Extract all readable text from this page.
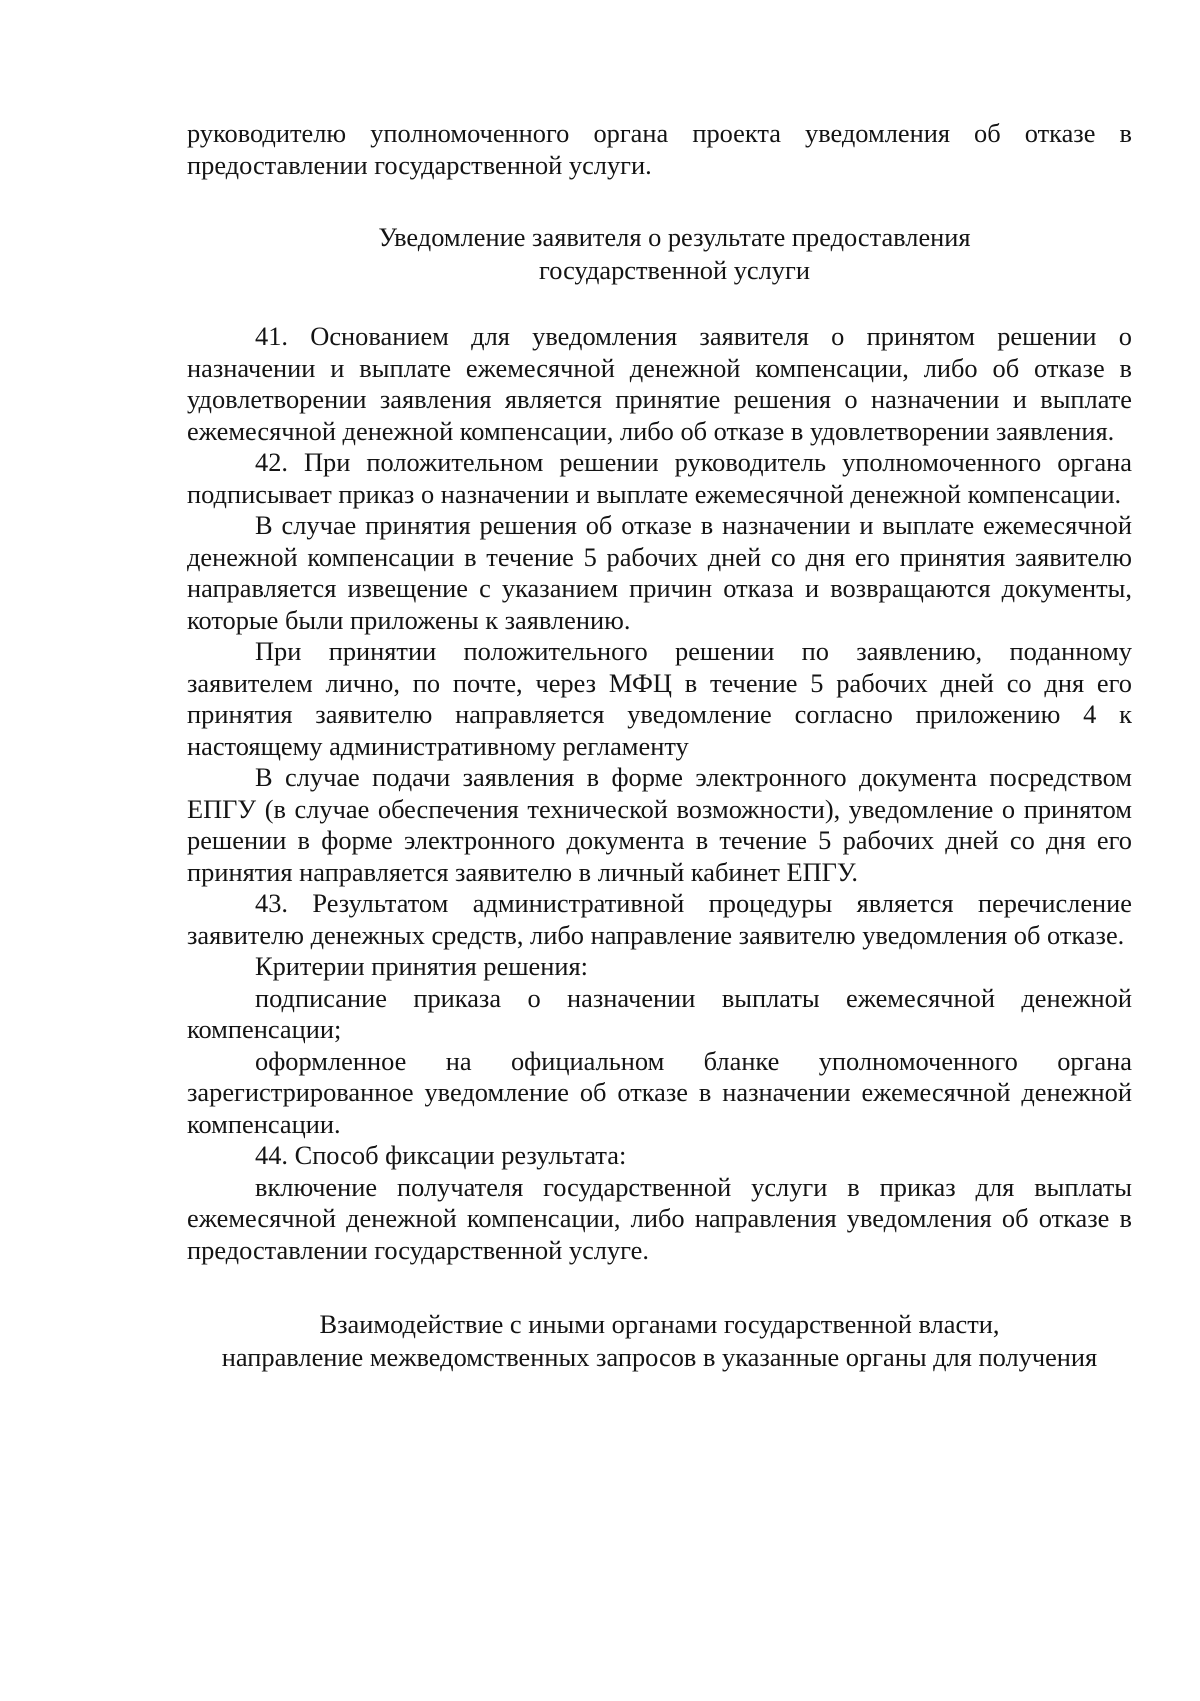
руководителю уполномоченного органа проекта уведомления об отказе в предоставлении государственной услуги.

Уведомление заявителя о результате предоставления
государственной услуги

41. Основанием для уведомления заявителя о принятом решении о назначении и выплате ежемесячной денежной компенсации, либо об отказе в удовлетворении заявления является принятие решения о назначении и выплате ежемесячной денежной компенсации, либо об отказе в удовлетворении заявления.

42. При положительном решении руководитель уполномоченного органа подписывает приказ о назначении и выплате ежемесячной денежной компенсации.

В случае принятия решения об отказе в назначении и выплате ежемесячной денежной компенсации в течение 5 рабочих дней со дня его принятия заявителю направляется извещение с указанием причин отказа и возвращаются документы, которые были приложены к заявлению.

При принятии положительного решении по заявлению, поданному заявителем лично, по почте, через МФЦ в течение 5 рабочих дней со дня его принятия заявителю направляется уведомление согласно приложению 4 к настоящему административному регламенту

В случае подачи заявления в форме электронного документа посредством ЕПГУ (в случае обеспечения технической возможности), уведомление о принятом решении в форме электронного документа в течение 5 рабочих дней со дня его принятия направляется заявителю в личный кабинет ЕПГУ.

43. Результатом административной процедуры является перечисление заявителю денежных средств, либо направление заявителю уведомления об отказе.

Критерии принятия решения:

подписание приказа о назначении выплаты ежемесячной денежной компенсации;

оформленное на официальном бланке уполномоченного органа зарегистрированное уведомление об отказе в назначении ежемесячной денежной компенсации.

44. Способ фиксации результата:

включение получателя государственной услуги в приказ для выплаты ежемесячной денежной компенсации, либо направления уведомления об отказе в предоставлении государственной услуге.

Взаимодействие с иными органами государственной власти,
направление межведомственных запросов в указанные органы для получения
